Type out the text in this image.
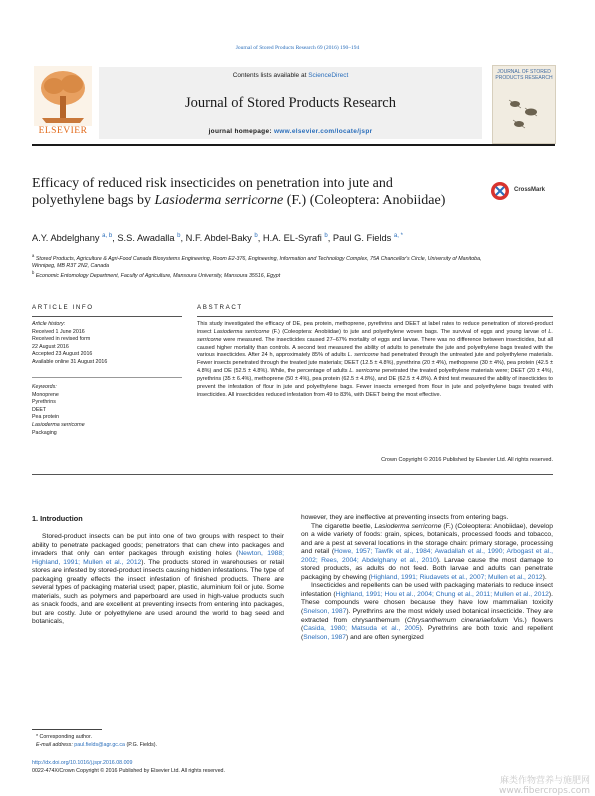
Journal of Stored Products Research 69 (2016) 190–194
ELSEVIER
Contents lists available at ScienceDirect
Journal of Stored Products Research
journal homepage: www.elsevier.com/locate/jspr
JOURNAL OF STORED PRODUCTS RESEARCH
Efficacy of reduced risk insecticides on penetration into jute and polyethylene bags by Lasioderma serricorne (F.) (Coleoptera: Anobiidae)
CrossMark
A.Y. Abdelghany $^{a, b}$, S.S. Awadalla $^b$, N.F. Abdel-Baky $^b$, H.A. EL-Syrafi $^b$, Paul G. Fields $^{a, *}$
$^a$ Stored Products, Agriculture & Agri-Food Canada Biosystems Engineering, Room E2-376, Engineering, Information and Technology Complex, 75A Chancellor's Circle, University of Manitoba, Winnipeg, MB R3T 2N2, Canada
$^b$ Economic Entomology Department, Faculty of Agriculture, Mansoura University, Mansoura 35516, Egypt
ARTICLE INFO	ABSTRACT
Article history:
Received 1 June 2016
Received in revised form
22 August 2016
Accepted 23 August 2016
Available online 31 August 2016
Keywords:
Monoprene
Pyrethrins
DEET
Pea protein
Lasioderma serricorne
Packaging
This study investigated the efficacy of DE, pea protein, methoprene, pyrethrins and DEET at label rates to reduce penetration of stored-product insect Lasioderma serricorne (F.) (Coleoptera: Anobiidae) to jute and polyethylene woven bags. The survival of eggs and young larvae of L. serricorne were measured. The insecticides caused 27–67% mortality of eggs and larvae. There was no difference between insecticides, but all caused higher mortality than controls. A second test measured the ability of adults to penetrate the jute and polyethylene bags treated with the various insecticides. After 24 h, approximately 85% of adults L. serricorne had penetrated through the untreated jute and polyethylene materials. Fewer insects penetrated through the treated jute materials; DEET (12.5 ± 4.8%), pyrethrins (20 ± 4%), methoprene (30 ± 4%), pea protein (42.5 ± 4.8%) and DE (52.5 ± 4.8%). While, the percentage of adults L. serricorne penetrated the treated polyethylene materials were; DEET (20 ± 4%), pyrethrins (35 ± 6.4%), methoprene (50 ± 4%), pea protein (62.5 ± 4.8%), and DE (62.5 ± 4.8%). A third test measured the ability of insecticides to prevent the infestation of flour in jute and polyethylene bags. Fewer insects emerged from flour in jute and polyethylene bags treated with insecticides. All insecticides reduced infestation from 49 to 83%, with DEET being the most effective.
Crown Copyright © 2016 Published by Elsevier Ltd. All rights reserved.
1. Introduction

Stored-product insects can be put into one of two groups with respect to their ability to penetrate packaged goods; penetrators that can chew into packages and invaders that only can enter packages through existing holes (Newton, 1988; Highland, 1991; Mullen et al., 2012). The products stored in warehouses or retail stores are infested by stored-product insects causing hidden infestations. The type of packaging greatly effects the insect infestation of finished products. There are several types of packaging material used; paper, plastic, aluminium foil or jute. Some materials, such as polymers and paperboard are used in high-value products such as snack foods, and are excellent at preventing insects from entering into packages, but are costly. Jute or polyethylene are used around the world to bag seed and botanicals,

however, they are ineffective at preventing insects from entering bags.

The cigarette beetle, Lasioderma serricorne (F.) (Coleoptera: Anobiidae), develop on a wide variety of foods: grain, spices, botanicals, processed foods and tobacco, and are a pest at several locations in the storage chain: primary storage, processing and retail (Howe, 1957; Tawfik et al., 1984; Awadallah et al., 1990; Arbogast et al., 2002; Rees, 2004; Abdelghany et al., 2010). Larvae cause the most damage to stored products, as adults do not feed. Both larvae and adults can penetrate packaging by chewing (Highland, 1991; Riudavets et al., 2007; Mullen et al., 2012).

Insecticides and repellents can be used with packaging materials to reduce insect infestation (Highland, 1991; Hou et al., 2004; Chung et al., 2011; Mullen et al., 2012). These compounds were chosen because they have low mammalian toxicity (Snelson, 1987). Pyrethrins are the most widely used botanical insecticide. They are extracted from chrysanthemum (Chrysanthemum cinerariaefolium Vis.) flowers (Casida, 1980; Matsuda et al., 2005). Pyrethrins are both toxic and repellent (Snelson, 1987) and are often synergized

* Corresponding author.
E-mail address: paul.fields@agr.gc.ca (P.G. Fields).
http://dx.doi.org/10.1016/j.jspr.2016.08.009
0022-474X/Crown Copyright © 2016 Published by Elsevier Ltd. All rights reserved.
麻类作物营养与施肥网 www.fibercrops.com
